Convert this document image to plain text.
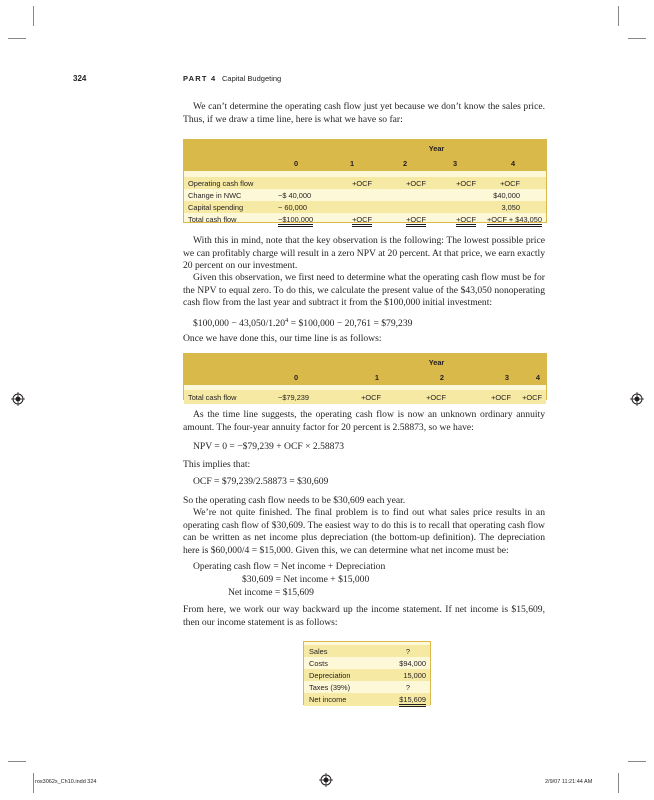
324	PART 4 Capital Budgeting

We can’t determine the operating cash flow just yet because we don’t know the sales price. Thus, if we draw a time line, here is what we have so far:

	Year				
	0	1	2	3	4

Operating cash flow		+OCF	+OCF	+OCF	+OCF
Change in NWC	−$ 40,000				$40,000
Capital spending	− 60,000				3,050
Total cash flow	−$100,000	+OCF	+OCF	+OCF	+OCF + $43,050

With this in mind, note that the key observation is the following: The lowest possible price we can profitably charge will result in a zero NPV at 20 percent. At that price, we earn exactly 20 percent on our investment.

Given this observation, we first need to determine what the operating cash flow must be for the NPV to equal zero. To do this, we calculate the present value of the $43,050 nonoperating cash flow from the last year and subtract it from the $100,000 initial investment:

$100,000 − $43,050/1.20^4$ = $100,000 − 20,761 = $79,239

Once we have done this, our time line is as follows:

	Year				
	0	1	2	3	4

Total cash flow	−$79,239	+OCF	+OCF	+OCF	+OCF

As the time line suggests, the operating cash flow is now an unknown ordinary annuity amount. The four-year annuity factor for 20 percent is 2.58873, so we have:

NPV = 0 = −$79,239 + OCF × 2.58873

This implies that:

OCF = $79,239/2.58873 = $30,609

So the operating cash flow needs to be $30,609 each year.

We’re not quite finished. The final problem is to find out what sales price results in an operating cash flow of $30,609. The easiest way to do this is to recall that operating cash flow can be written as net income plus depreciation (the bottom-up definition). The depreciation here is $60,000/4 = $15,000. Given this, we can determine what net income must be:

Operating cash flow = Net income + Depreciation
$30,609 = Net income + $15,000
Net income = $15,609

From here, we work our way backward up the income statement. If net income is $15,609, then our income statement is as follows:

Sales	?
Costs	$94,000
Depreciation	15,000
Taxes (39%)	?
Net income	$15,609
ros3062x_Ch10.indd 324	2/9/07 11:21:44 AM
